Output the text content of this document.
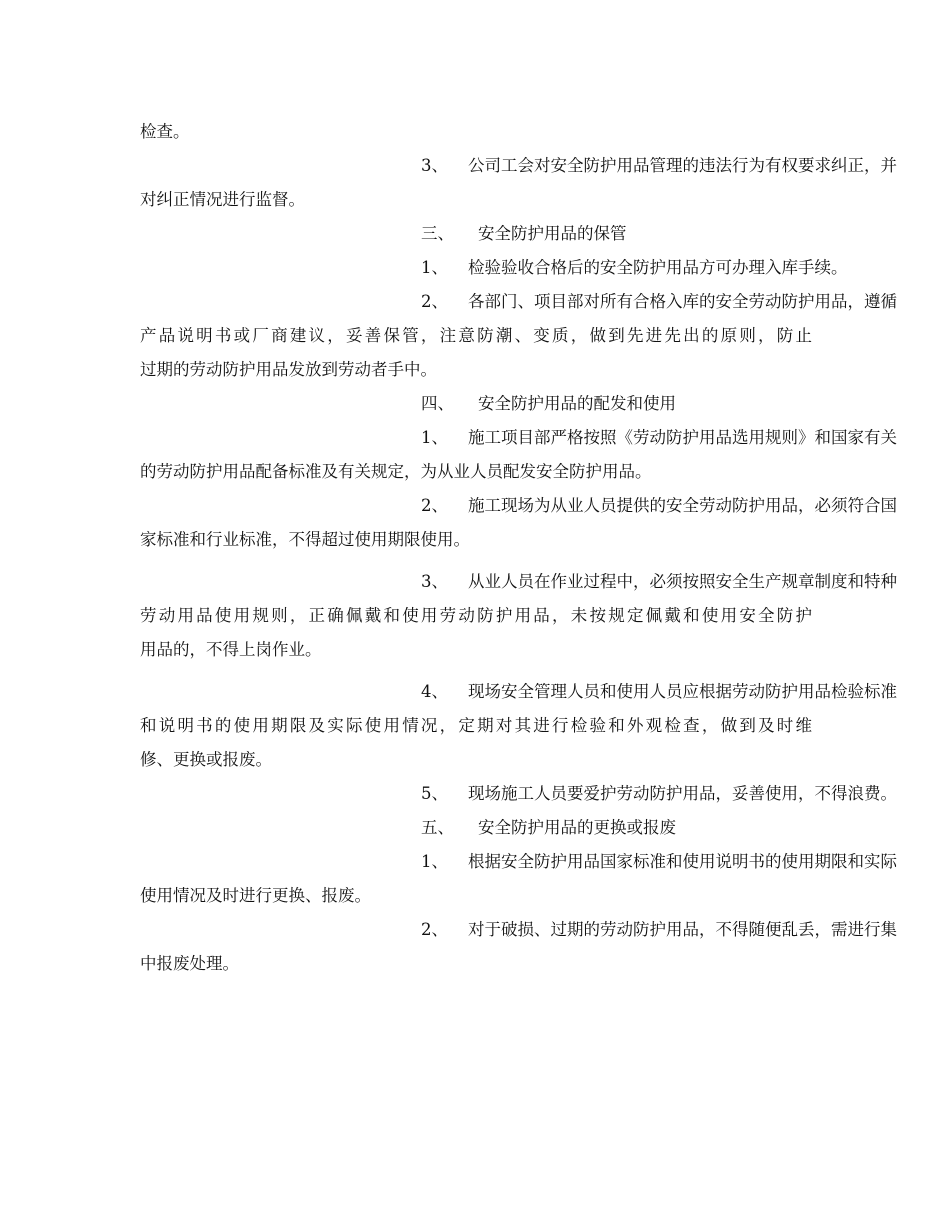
检查。
3、 公司工会对安全防护用品管理的违法行为有权要求纠正，并
对纠正情况进行监督。
三、 安全防护用品的保管
1、 检验验收合格后的安全防护用品方可办理入库手续。
2、 各部门、项目部对所有合格入库的安全劳动防护用品，遵循
产品说明书或厂商建议，妥善保管，注意防潮、变质，做到先进先出的原则，防止
过期的劳动防护用品发放到劳动者手中。
四、 安全防护用品的配发和使用
1、 施工项目部严格按照《劳动防护用品选用规则》和国家有关
的劳动防护用品配备标准及有关规定，为从业人员配发安全防护用品。
2、 施工现场为从业人员提供的安全劳动防护用品，必须符合国
家标准和行业标准，不得超过使用期限使用。
3、 从业人员在作业过程中，必须按照安全生产规章制度和特种
劳动用品使用规则，正确佩戴和使用劳动防护用品，未按规定佩戴和使用安全防护
用品的，不得上岗作业。
4、 现场安全管理人员和使用人员应根据劳动防护用品检验标准
和说明书的使用期限及实际使用情况，定期对其进行检验和外观检查，做到及时维
修、更换或报废。
5、 现场施工人员要爱护劳动防护用品，妥善使用，不得浪费。
五、 安全防护用品的更换或报废
1、 根据安全防护用品国家标准和使用说明书的使用期限和实际
使用情况及时进行更换、报废。
2、 对于破损、过期的劳动防护用品，不得随便乱丢，需进行集
中报废处理。
